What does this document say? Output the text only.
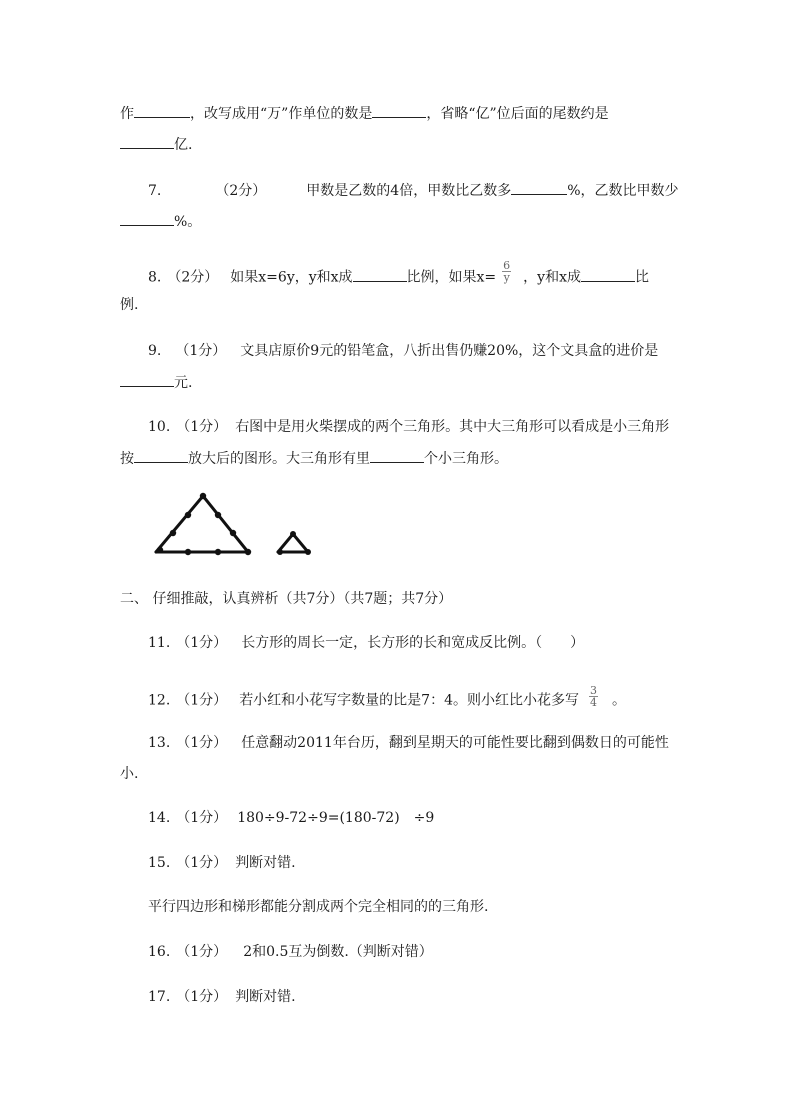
作	，改写成用“万”作单位的数是	，省略“亿”位后面的尾数约是
亿.
7.	（2分）	甲数是乙数的4倍，甲数比乙数多	%，乙数比甲数少
%。
8. （2分） 如果x=6y，y和x成	比例，如果$x= \frac{6}{y}$ ，y和x成	比
例.
9. （1分） 文具店原价9元的铅笔盒，八折出售仍赚20%，这个文具盒的进价是
元.
10. （1分） 右图中是用火柴摆成的两个三角形。其中大三角形可以看成是小三角形
按	放大后的图形。大三角形有里	个小三角形。
二、 仔细推敲，认真辨析（共7分）（共7题；共7分）
11. （1分） 长方形的周长一定，长方形的长和宽成反比例。（　　）
12. （1分） 若小红和小花写字数量的比是7：4。则小红比小花多写 $\frac{3}{4}$ 。
13. （1分） 任意翻动2011年台历，翻到星期天的可能性要比翻到偶数日的可能性
小.
14. （1分） 180÷9-72÷9=(180-72)　÷9
15. （1分） 判断对错.
平行四边形和梯形都能分割成两个完全相同的的三角形.
16. （1分） 2和0.5互为倒数.（判断对错）
17. （1分） 判断对错.
